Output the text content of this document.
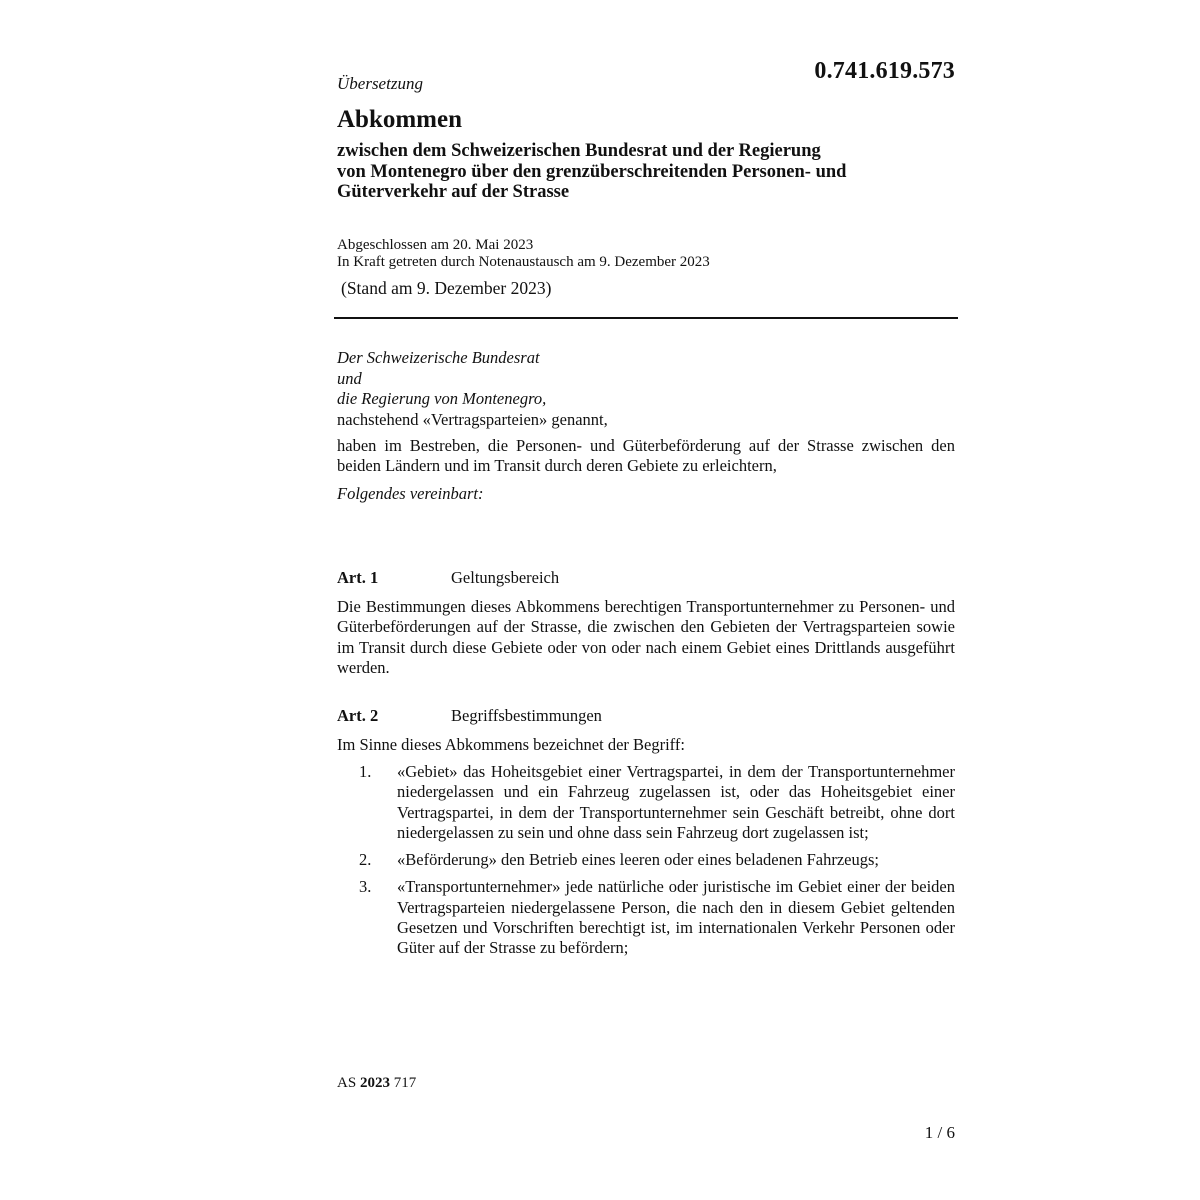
Übersetzung	0.741.619.573
Abkommen
zwischen dem Schweizerischen Bundesrat und der Regierung
von Montenegro über den grenzüberschreitenden Personen- und
Güterverkehr auf der Strasse
Abgeschlossen am 20. Mai 2023
In Kraft getreten durch Notenaustausch am 9. Dezember 2023
(Stand am 9. Dezember 2023)
Der Schweizerische Bundesrat
und
die Regierung von Montenegro,
nachstehend «Vertragsparteien» genannt,
haben im Bestreben, die Personen- und Güterbeförderung auf der Strasse zwischen den beiden Ländern und im Transit durch deren Gebiete zu erleichtern,
Folgendes vereinbart:
Art. 1	Geltungsbereich
Die Bestimmungen dieses Abkommens berechtigen Transportunternehmer zu Personen- und Güterbeförderungen auf der Strasse, die zwischen den Gebieten der Vertragsparteien sowie im Transit durch diese Gebiete oder von oder nach einem Gebiet eines Drittlands ausgeführt werden.
Art. 2	Begriffsbestimmungen
Im Sinne dieses Abkommens bezeichnet der Begriff:
1.	«Gebiet» das Hoheitsgebiet einer Vertragspartei, in dem der Transportunternehmer niedergelassen und ein Fahrzeug zugelassen ist, oder das Hoheitsgebiet einer Vertragspartei, in dem der Transportunternehmer sein Geschäft betreibt, ohne dort niedergelassen zu sein und ohne dass sein Fahrzeug dort zugelassen ist;
2.	«Beförderung» den Betrieb eines leeren oder eines beladenen Fahrzeugs;
3.	«Transportunternehmer» jede natürliche oder juristische im Gebiet einer der beiden Vertragsparteien niedergelassene Person, die nach den in diesem Gebiet geltenden Gesetzen und Vorschriften berechtigt ist, im internationalen Verkehr Personen oder Güter auf der Strasse zu befördern;
AS 2023 717
1 / 6
